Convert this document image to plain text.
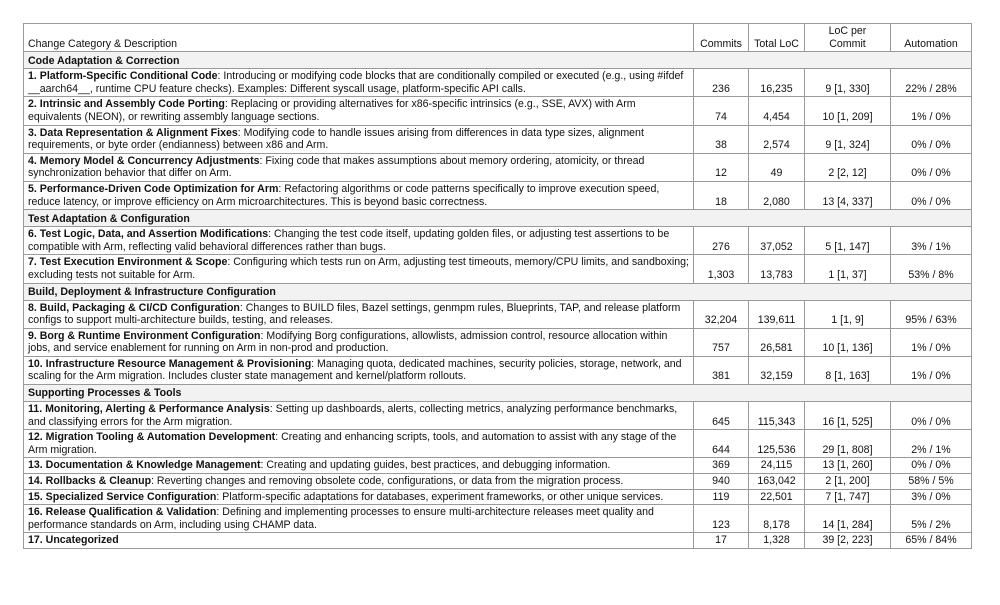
Change Category & Description	Commits	Total LoC	LoC per Commit	Automation
Code Adaptation & Correction				
1. Platform-Specific Conditional Code: Introducing or modifying code blocks that are conditionally compiled or executed (e.g., using #ifdef __aarch64__, runtime CPU feature checks). Examples: Different syscall usage, platform-specific API calls.	236	16,235	9 [1, 330]	22% / 28%
2. Intrinsic and Assembly Code Porting: Replacing or providing alternatives for x86-specific intrinsics (e.g., SSE, AVX) with Arm equivalents (NEON), or rewriting assembly language sections.	74	4,454	10 [1, 209]	1% / 0%
3. Data Representation & Alignment Fixes: Modifying code to handle issues arising from differences in data type sizes, alignment requirements, or byte order (endianness) between x86 and Arm.	38	2,574	9 [1, 324]	0% / 0%
4. Memory Model & Concurrency Adjustments: Fixing code that makes assumptions about memory ordering, atomicity, or thread synchronization behavior that differ on Arm.	12	49	2 [2, 12]	0% / 0%
5. Performance-Driven Code Optimization for Arm: Refactoring algorithms or code patterns specifically to improve execution speed, reduce latency, or improve efficiency on Arm microarchitectures. This is beyond basic correctness.	18	2,080	13 [4, 337]	0% / 0%
Test Adaptation & Configuration				
6. Test Logic, Data, and Assertion Modifications: Changing the test code itself, updating golden files, or adjusting test assertions to be compatible with Arm, reflecting valid behavioral differences rather than bugs.	276	37,052	5 [1, 147]	3% / 1%
7. Test Execution Environment & Scope: Configuring which tests run on Arm, adjusting test timeouts, memory/CPU limits, and sandboxing; excluding tests not suitable for Arm.	1,303	13,783	1 [1, 37]	53% / 8%
Build, Deployment & Infrastructure Configuration				
8. Build, Packaging & CI/CD Configuration: Changes to BUILD files, Bazel settings, genmpm rules, Blueprints, TAP, and release platform configs to support multi-architecture builds, testing, and releases.	32,204	139,611	1 [1, 9]	95% / 63%
9. Borg & Runtime Environment Configuration: Modifying Borg configurations, allowlists, admission control, resource allocation within jobs, and service enablement for running on Arm in non-prod and production.	757	26,581	10 [1, 136]	1% / 0%
10. Infrastructure Resource Management & Provisioning: Managing quota, dedicated machines, security policies, storage, network, and scaling for the Arm migration. Includes cluster state management and kernel/platform rollouts.	381	32,159	8 [1, 163]	1% / 0%
Supporting Processes & Tools				
11. Monitoring, Alerting & Performance Analysis: Setting up dashboards, alerts, collecting metrics, analyzing performance benchmarks, and classifying errors for the Arm migration.	645	115,343	16 [1, 525]	0% / 0%
12. Migration Tooling & Automation Development: Creating and enhancing scripts, tools, and automation to assist with any stage of the Arm migration.	644	125,536	29 [1, 808]	2% / 1%
13. Documentation & Knowledge Management: Creating and updating guides, best practices, and debugging information.	369	24,115	13 [1, 260]	0% / 0%
14. Rollbacks & Cleanup: Reverting changes and removing obsolete code, configurations, or data from the migration process.	940	163,042	2 [1, 200]	58% / 5%
15. Specialized Service Configuration: Platform-specific adaptations for databases, experiment frameworks, or other unique services.	119	22,501	7 [1, 747]	3% / 0%
16. Release Qualification & Validation: Defining and implementing processes to ensure multi-architecture releases meet quality and performance standards on Arm, including using CHAMP data.	123	8,178	14 [1, 284]	5% / 2%
17. Uncategorized	17	1,328	39 [2, 223]	65% / 84%
